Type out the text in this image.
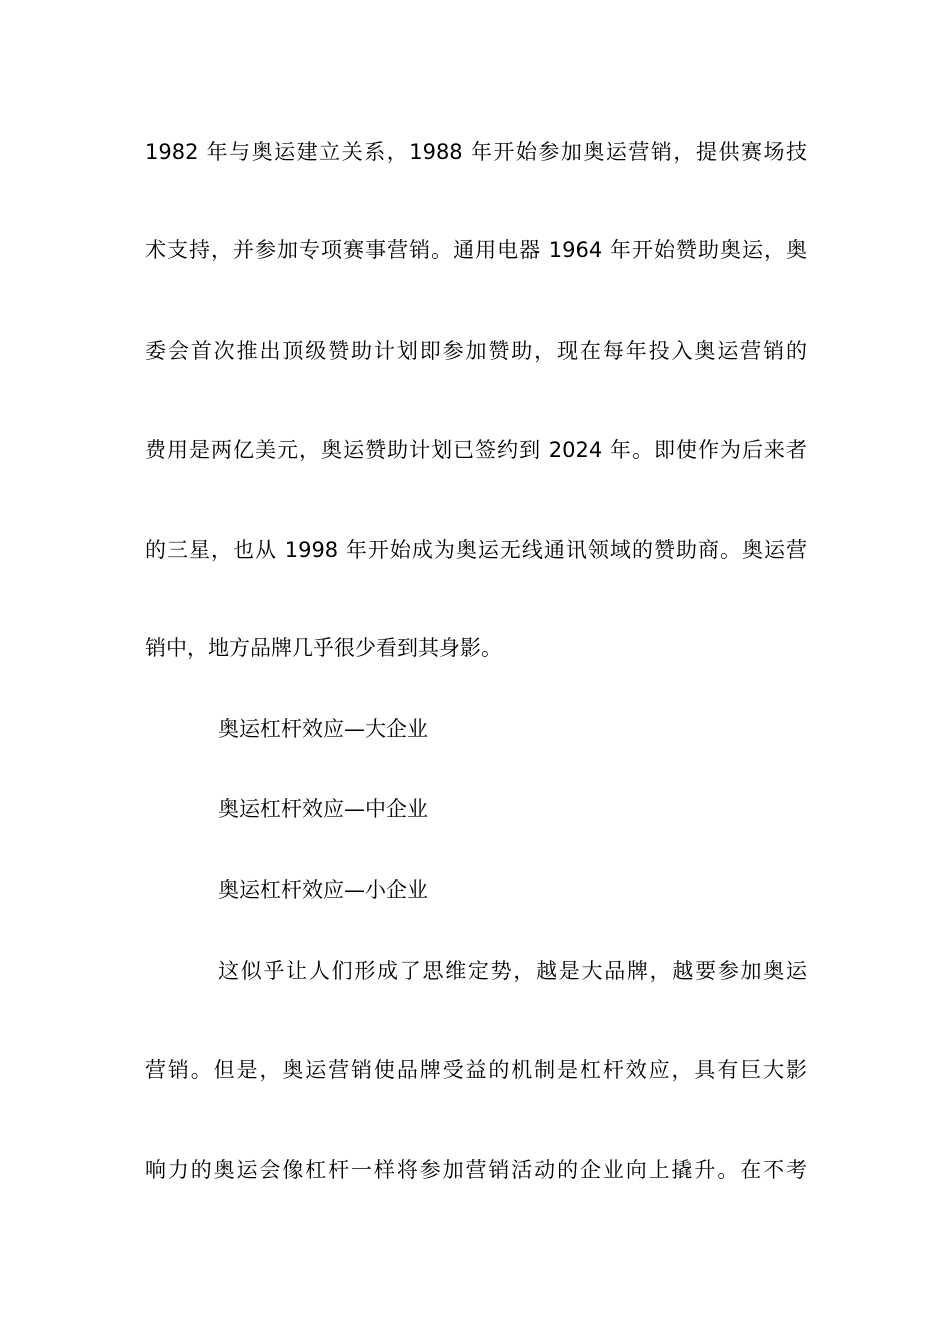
1982 年与奥运建立关系，1988 年开始参加奥运营销，提供赛场技
术支持，并参加专项赛事营销。通用电器 1964 年开始赞助奥运，奥
委会首次推出顶级赞助计划即参加赞助，现在每年投入奥运营销的
费用是两亿美元，奥运赞助计划已签约到 2024 年。即使作为后来者
的三星，也从 1998 年开始成为奥运无线通讯领域的赞助商。奥运营
销中，地方品牌几乎很少看到其身影。
奥运杠杆效应—大企业
奥运杠杆效应—中企业
奥运杠杆效应—小企业
这似乎让人们形成了思维定势，越是大品牌，越要参加奥运
营销。但是，奥运营销使品牌受益的机制是杠杆效应，具有巨大影
响力的奥运会像杠杆一样将参加营销活动的企业向上撬升。在不考
